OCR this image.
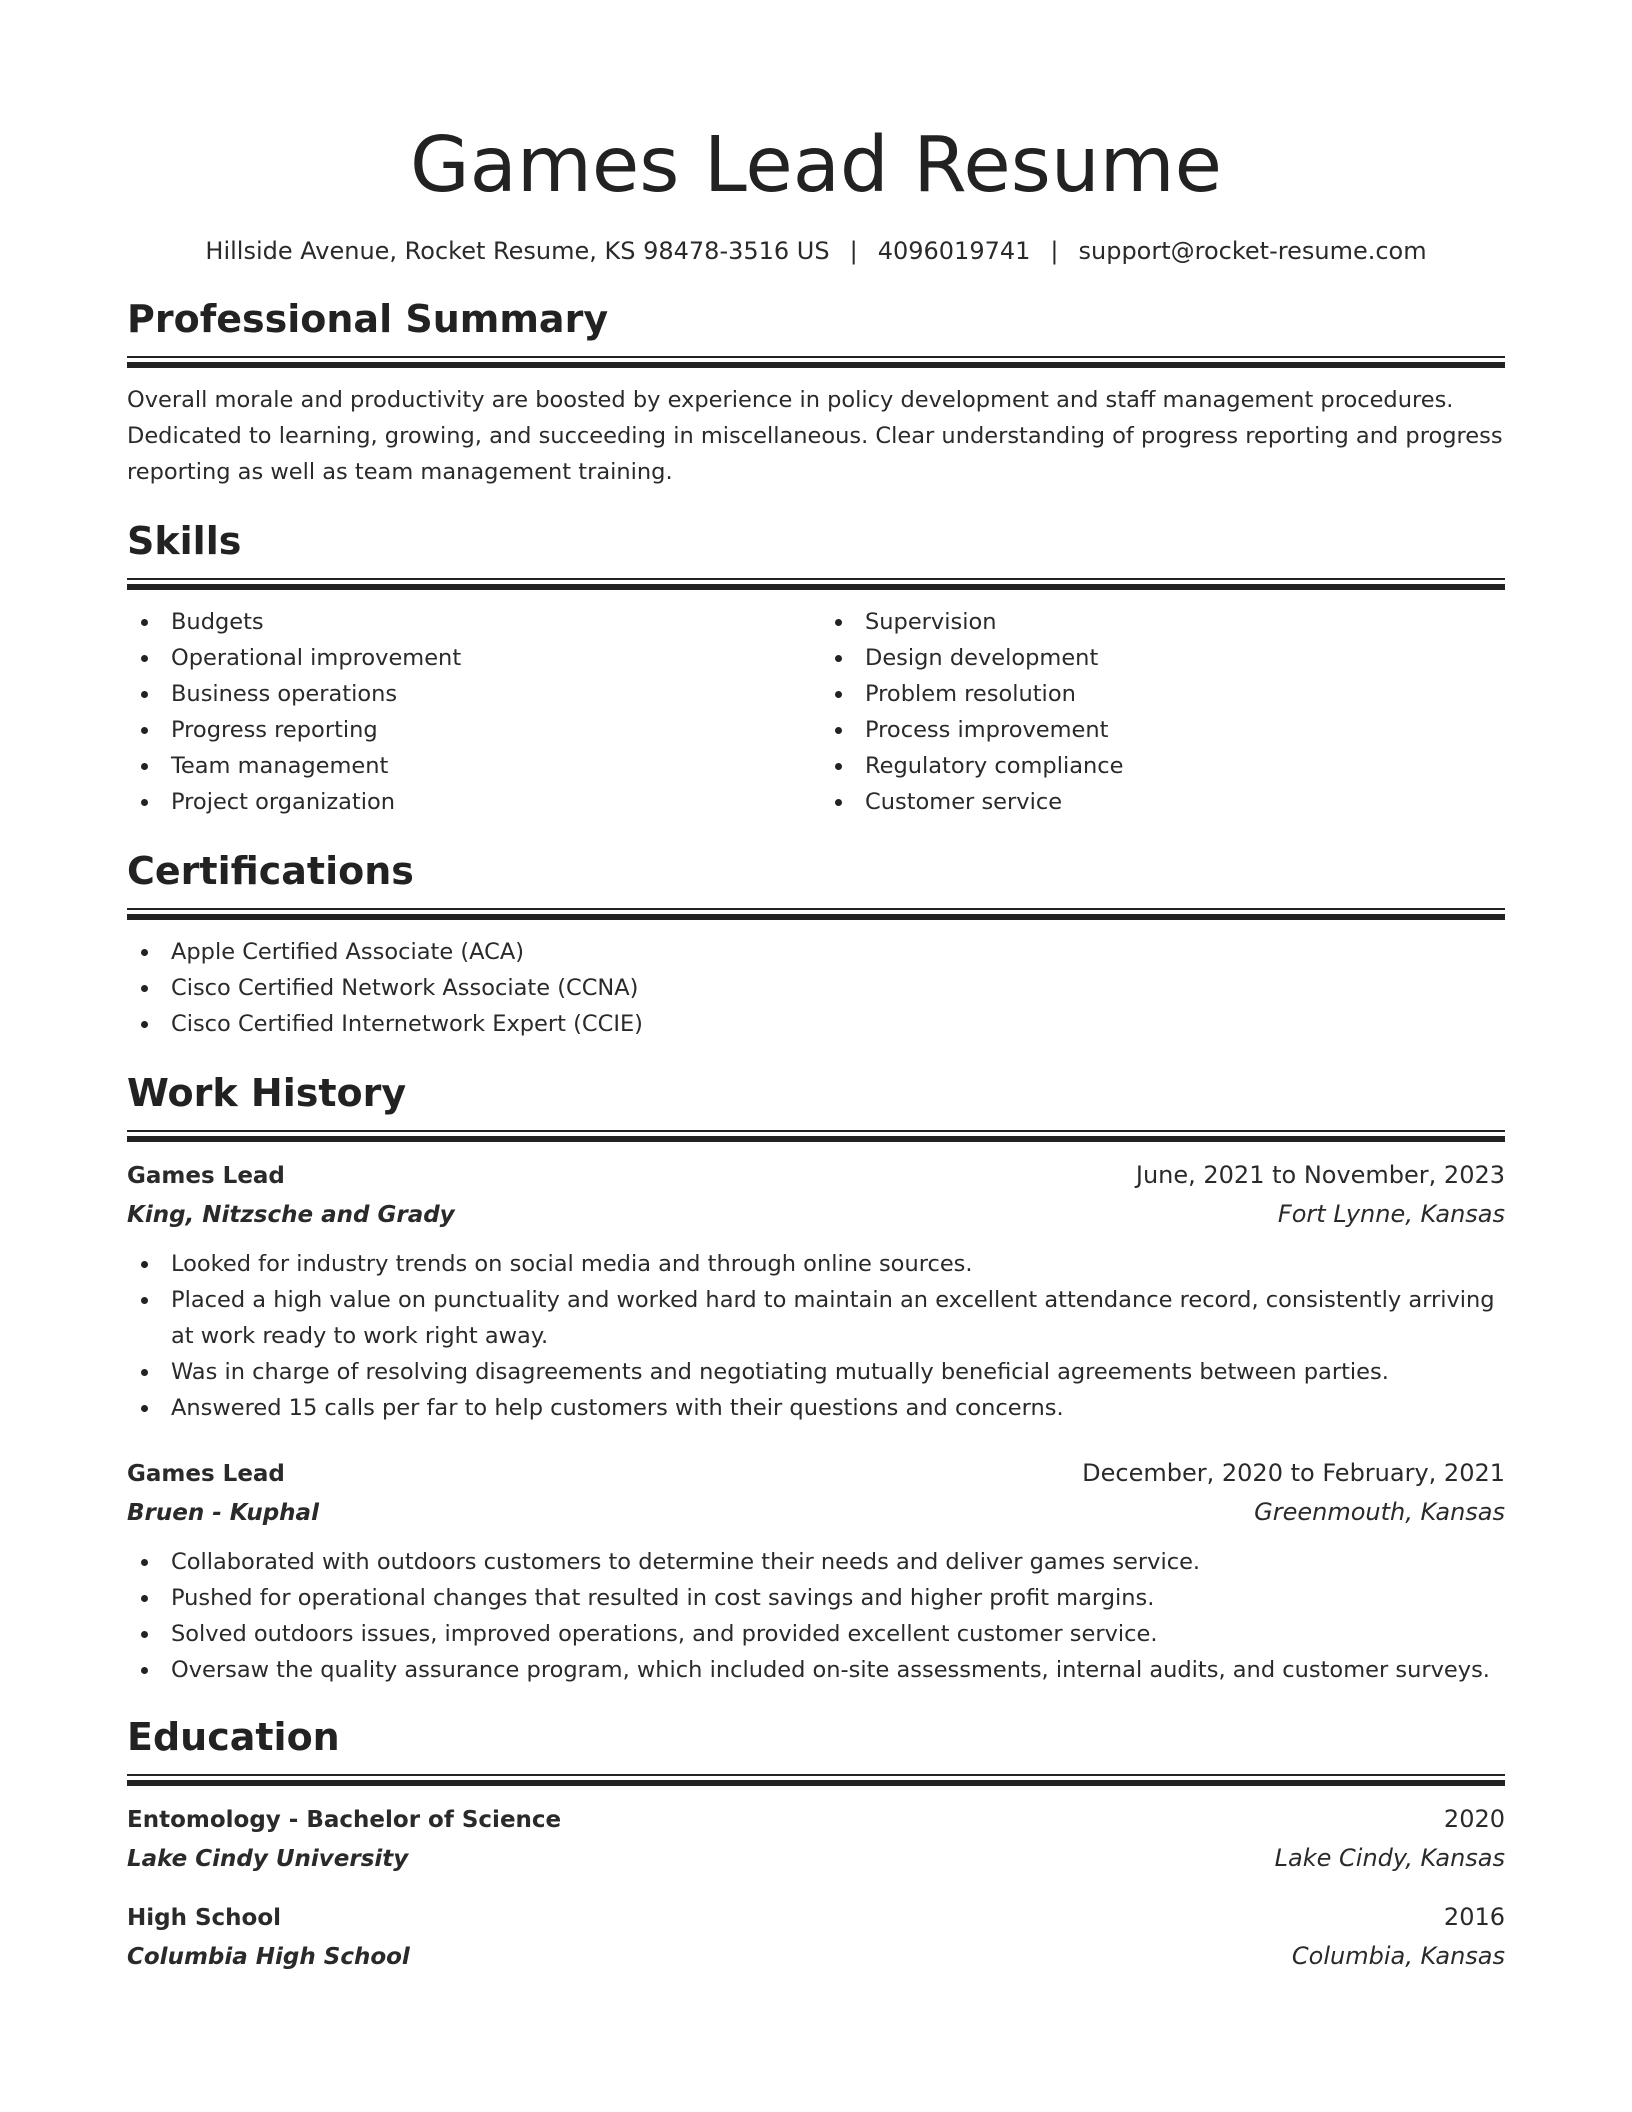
Games Lead Resume
Hillside Avenue, Rocket Resume, KS 98478-3516 US | 4096019741 | support@rocket-resume.com
Professional Summary

Overall morale and productivity are boosted by experience in policy development and staff management procedures. Dedicated to learning, growing, and succeeding in miscellaneous. Clear understanding of progress reporting and progress reporting as well as team management training.

Skills
Budgets
Operational improvement
Business operations
Progress reporting
Team management
Project organization
Supervision
Design development
Problem resolution
Process improvement
Regulatory compliance
Customer service
Certifications
Apple Certified Associate (ACA)
Cisco Certified Network Associate (CCNA)
Cisco Certified Internetwork Expert (CCIE)
Work History
Games Lead	June, 2021 to November, 2023
King, Nitzsche and Grady	Fort Lynne, Kansas
Looked for industry trends on social media and through online sources.
Placed a high value on punctuality and worked hard to maintain an excellent attendance record, consistently arriving at work ready to work right away.
Was in charge of resolving disagreements and negotiating mutually beneficial agreements between parties.
Answered 15 calls per far to help customers with their questions and concerns.
Games Lead	December, 2020 to February, 2021
Bruen - Kuphal	Greenmouth, Kansas
Collaborated with outdoors customers to determine their needs and deliver games service.
Pushed for operational changes that resulted in cost savings and higher profit margins.
Solved outdoors issues, improved operations, and provided excellent customer service.
Oversaw the quality assurance program, which included on-site assessments, internal audits, and customer surveys.
Education
Entomology - Bachelor of Science	2020
Lake Cindy University	Lake Cindy, Kansas
High School	2016
Columbia High School	Columbia, Kansas
